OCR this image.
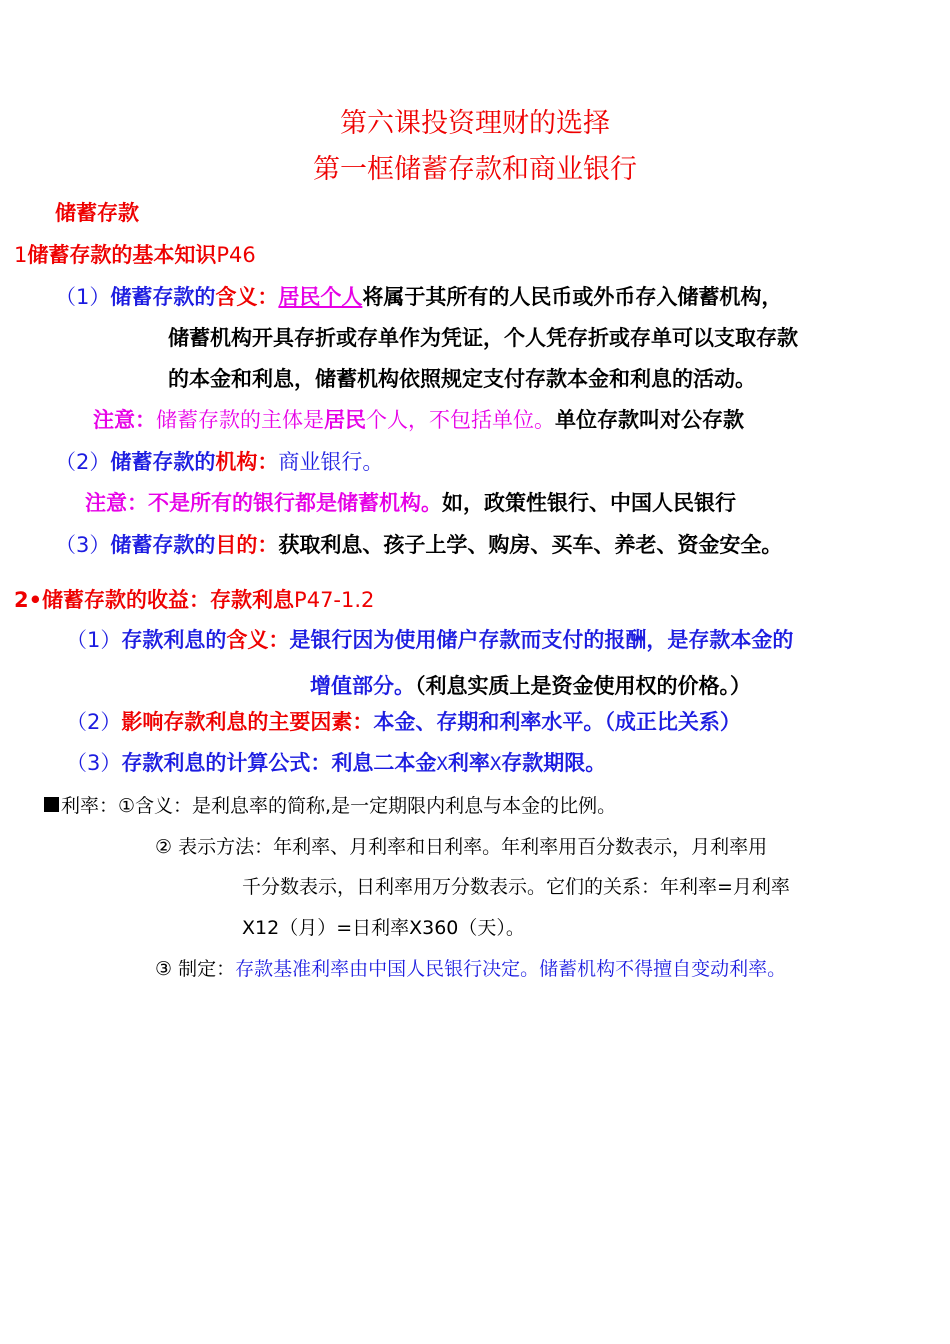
第六课投资理财的选择
第一框储蓄存款和商业银行
储蓄存款
1储蓄存款的基本知识P46
（1）储蓄存款的含义：居民个人将属于其所有的人民币或外币存入储蓄机构，
储蓄机构开具存折或存单作为凭证，个人凭存折或存单可以支取存款
的本金和利息，储蓄机构依照规定支付存款本金和利息的活动。
注意：储蓄存款的主体是居民个人，不包括单位。单位存款叫对公存款
（2）储蓄存款的机构：商业银行。
注意：不是所有的银行都是储蓄机构。如，政策性银行、中国人民银行
（3）储蓄存款的目的：获取利息、孩子上学、购房、买车、养老、资金安全。
2•储蓄存款的收益：存款利息P47-1.2
（1）存款利息的含义：是银行因为使用储户存款而支付的报酬，是存款本金的
增值部分。（利息实质上是资金使用权的价格。）
（2）影响存款利息的主要因素：本金、存期和利率水平。（成正比关系）
（3）存款利息的计算公式：利息二本金X利率X存款期限。
利率：①含义：是利息率的简称,是一定期限内利息与本金的比例。
② 表示方法：年利率、月利率和日利率。年利率用百分数表示，月利率用
千分数表示，日利率用万分数表示。它们的关系：年利率=月利率
X12（月）=日利率X360（天）。
③ 制定：存款基准利率由中国人民银行决定。储蓄机构不得擅自变动利率。
